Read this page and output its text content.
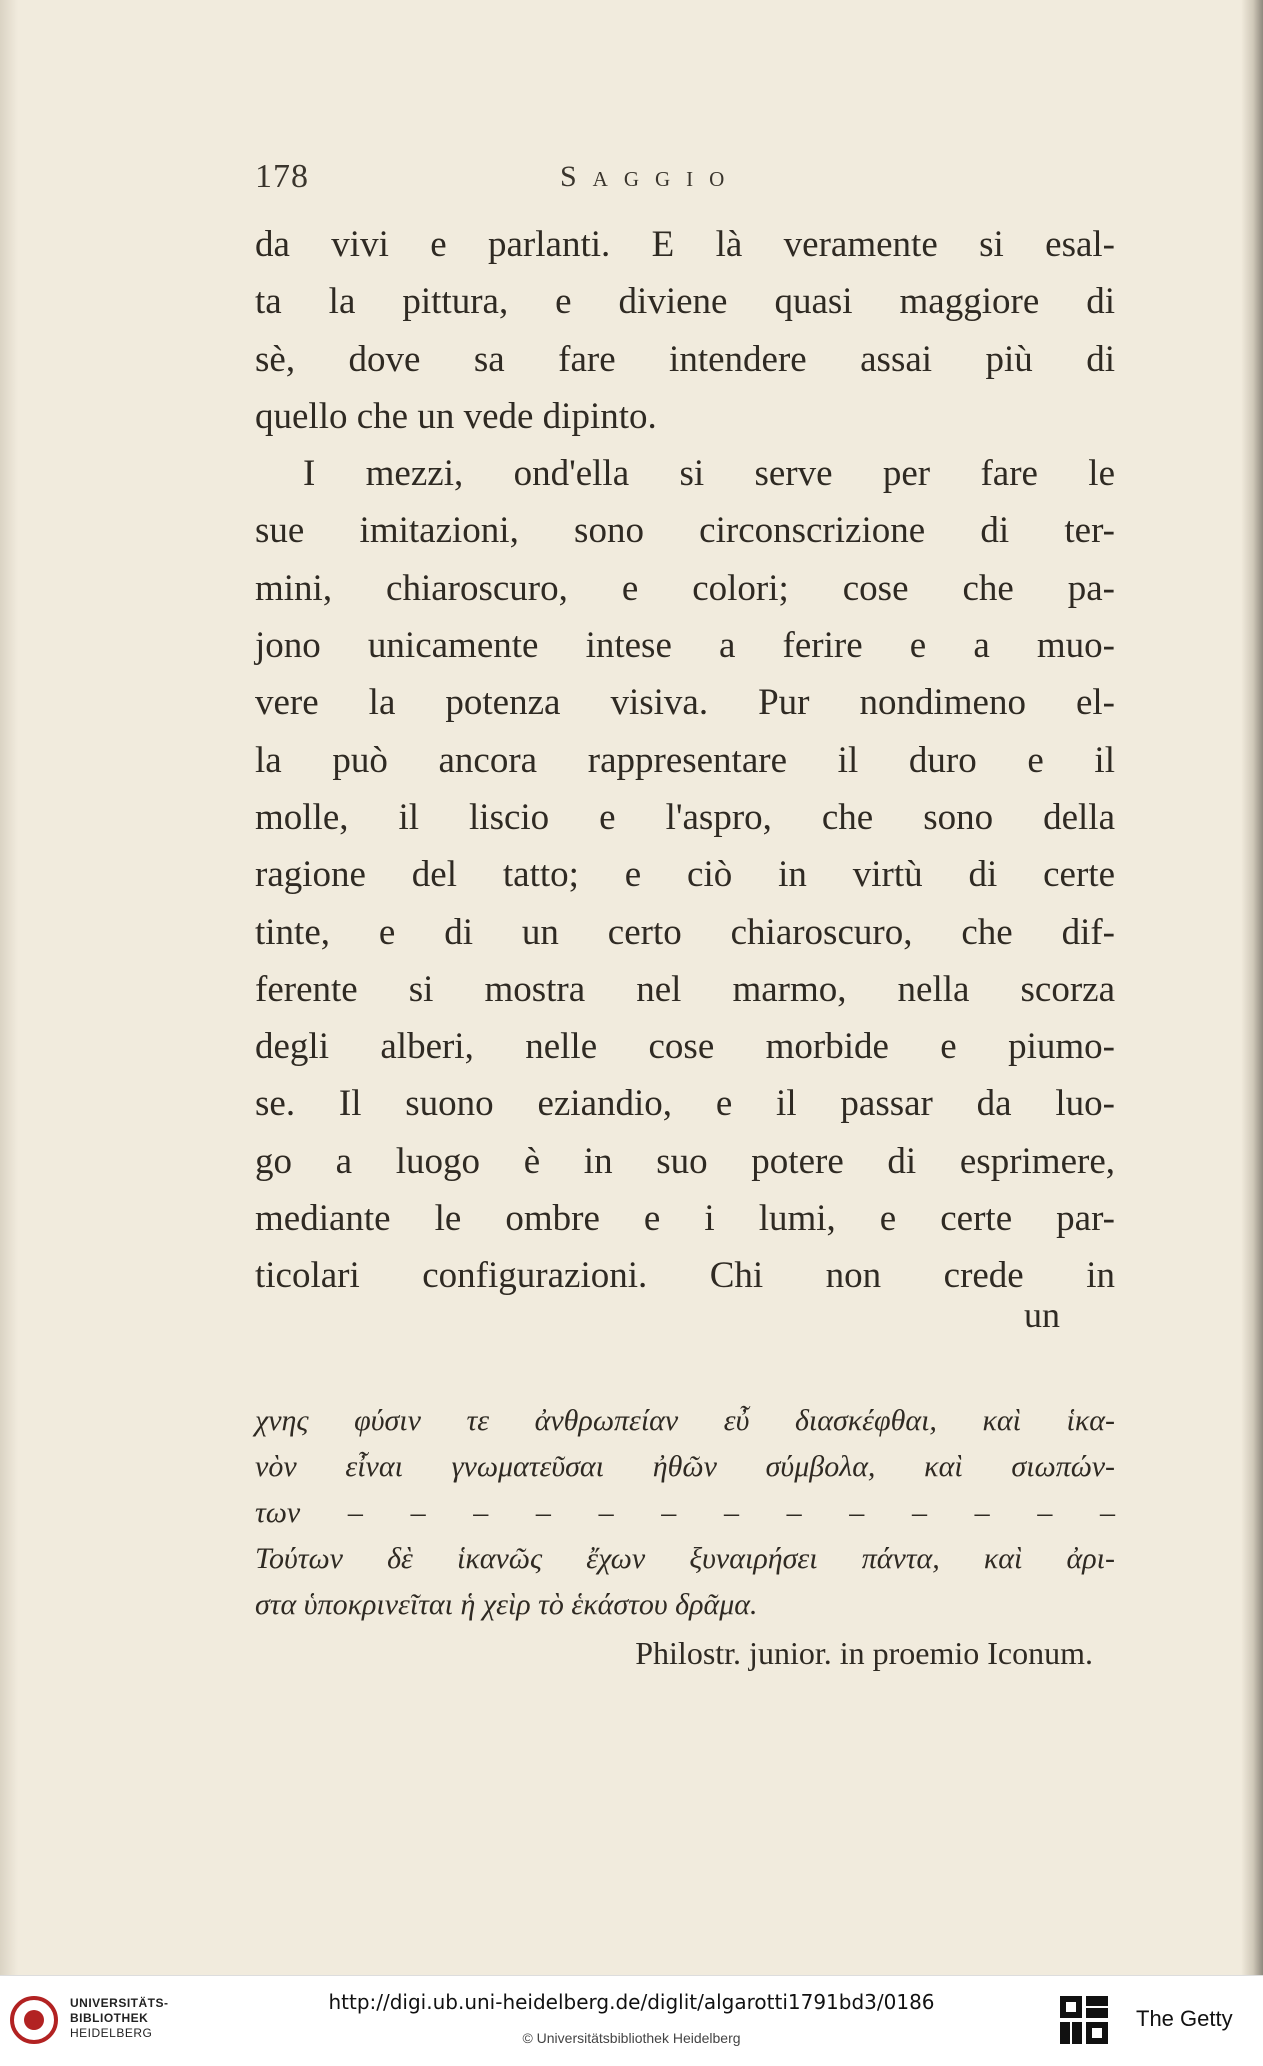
178	Saggio
da vivi e parlanti. E là veramente si esal-
ta la pittura, e diviene quasi maggiore di
sè, dove sa fare intendere assai più di
quello che un vede dipinto.
I mezzi, ond'ella si serve per fare le
sue imitazioni, sono circonscrizione di ter-
mini, chiaroscuro, e colori; cose che pa-
jono unicamente intese a ferire e a muo-
vere la potenza visiva. Pur nondimeno el-
la può ancora rappresentare il duro e il
molle, il liscio e l'aspro, che sono della
ragione del tatto; e ciò in virtù di certe
tinte, e di un certo chiaroscuro, che dif-
ferente si mostra nel marmo, nella scorza
degli alberi, nelle cose morbide e piumo-
se. Il suono eziandio, e il passar da luo-
go a luogo è in suo potere di esprimere,
mediante le ombre e i lumi, e certe par-
ticolari configurazioni. Chi non crede in
un
χνης φύσιν τε ἀνθρωπείαν εὖ διασκέφθαι, καὶ ἱκα-
νὸν εἶναι γνωματεῦσαι ἠθῶν σύμβολα, καὶ σιωπών-
των – – – – – – – – – – – – –
Τούτων δὲ ἱκανῶς ἔχων ξυναιρήσει πάντα, καὶ ἀρι-
στα ὑποκρινεῖται ἡ χεὶρ τὸ ἑκάστου δρᾶμα.
Philostr. junior. in proemio Iconum.
UNIVERSITÄTS-
BIBLIOTHEK
HEIDELBERG
http://digi.ub.uni-heidelberg.de/diglit/algarotti1791bd3/0186
© Universitätsbibliothek Heidelberg
The Getty
